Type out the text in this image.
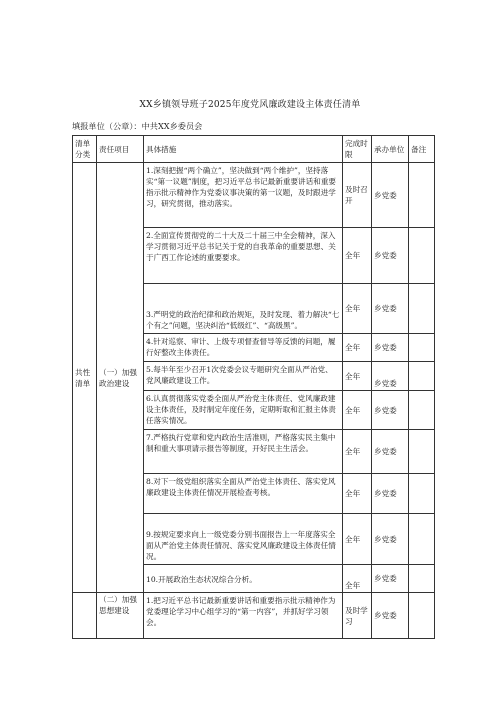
XX乡镇领导班子2025年度党风廉政建设主体责任清单
填报单位（公章）：中共XX乡委员会
清单分类	责任项目	具体措施	完成时限	承办单位	备注
共性清单	（一）加强政治建设	1.深刻把握“两个确立”，坚决做到“两个维护”，坚持落实“第一议题”制度，把习近平总书记最新重要讲话和重要指示批示精神作为党委议事决策的第一议题，及时跟进学习，研究贯彻，推动落实。	及时召开	乡党委	
		2.全面宣传贯彻党的二十大及二十届三中全会精神，深入学习贯彻习近平总书记关于党的自我革命的重要思想、关于广西工作论述的重要要求。	全年	乡党委	
		3.严明党的政治纪律和政治规矩，及时发现、着力解决“七个有之”问题，坚决纠治“低级红”、“高级黑”。	全年	乡党委	
		4.针对巡察、审计、上级专项督查督导等反馈的问题，履行好整改主体责任。	全年	乡党委	
		5.每半年至少召开1次党委会议专题研究全面从严治党、党风廉政建设工作。	全年	乡党委	
		6.认真贯彻落实党委全面从严治党主体责任、党风廉政建设主体责任，及时制定年度任务，定期听取和汇报主体责任落实情况。	全年	乡党委	
		7.严格执行党章和党内政治生活准则，严格落实民主集中制和重大事项请示报告等制度，开好民主生活会。	全年	乡党委	
		8.对下一级党组织落实全面从严治党主体责任、落实党风廉政建设主体责任情况开展检查考核。	全年	乡党委	
		9.按规定要求向上一级党委分别书面报告上一年度落实全面从严治党主体责任情况、落实党风廉政建设主体责任情况。	全年	乡党委	
		10.开展政治生态状况综合分析。	全年	乡党委	
	（二）加强思想建设	1.把习近平总书记最新重要讲话和重要指示批示精神作为党委理论学习中心组学习的“第一内容”，并抓好学习领会。	及时学习	乡党委	
